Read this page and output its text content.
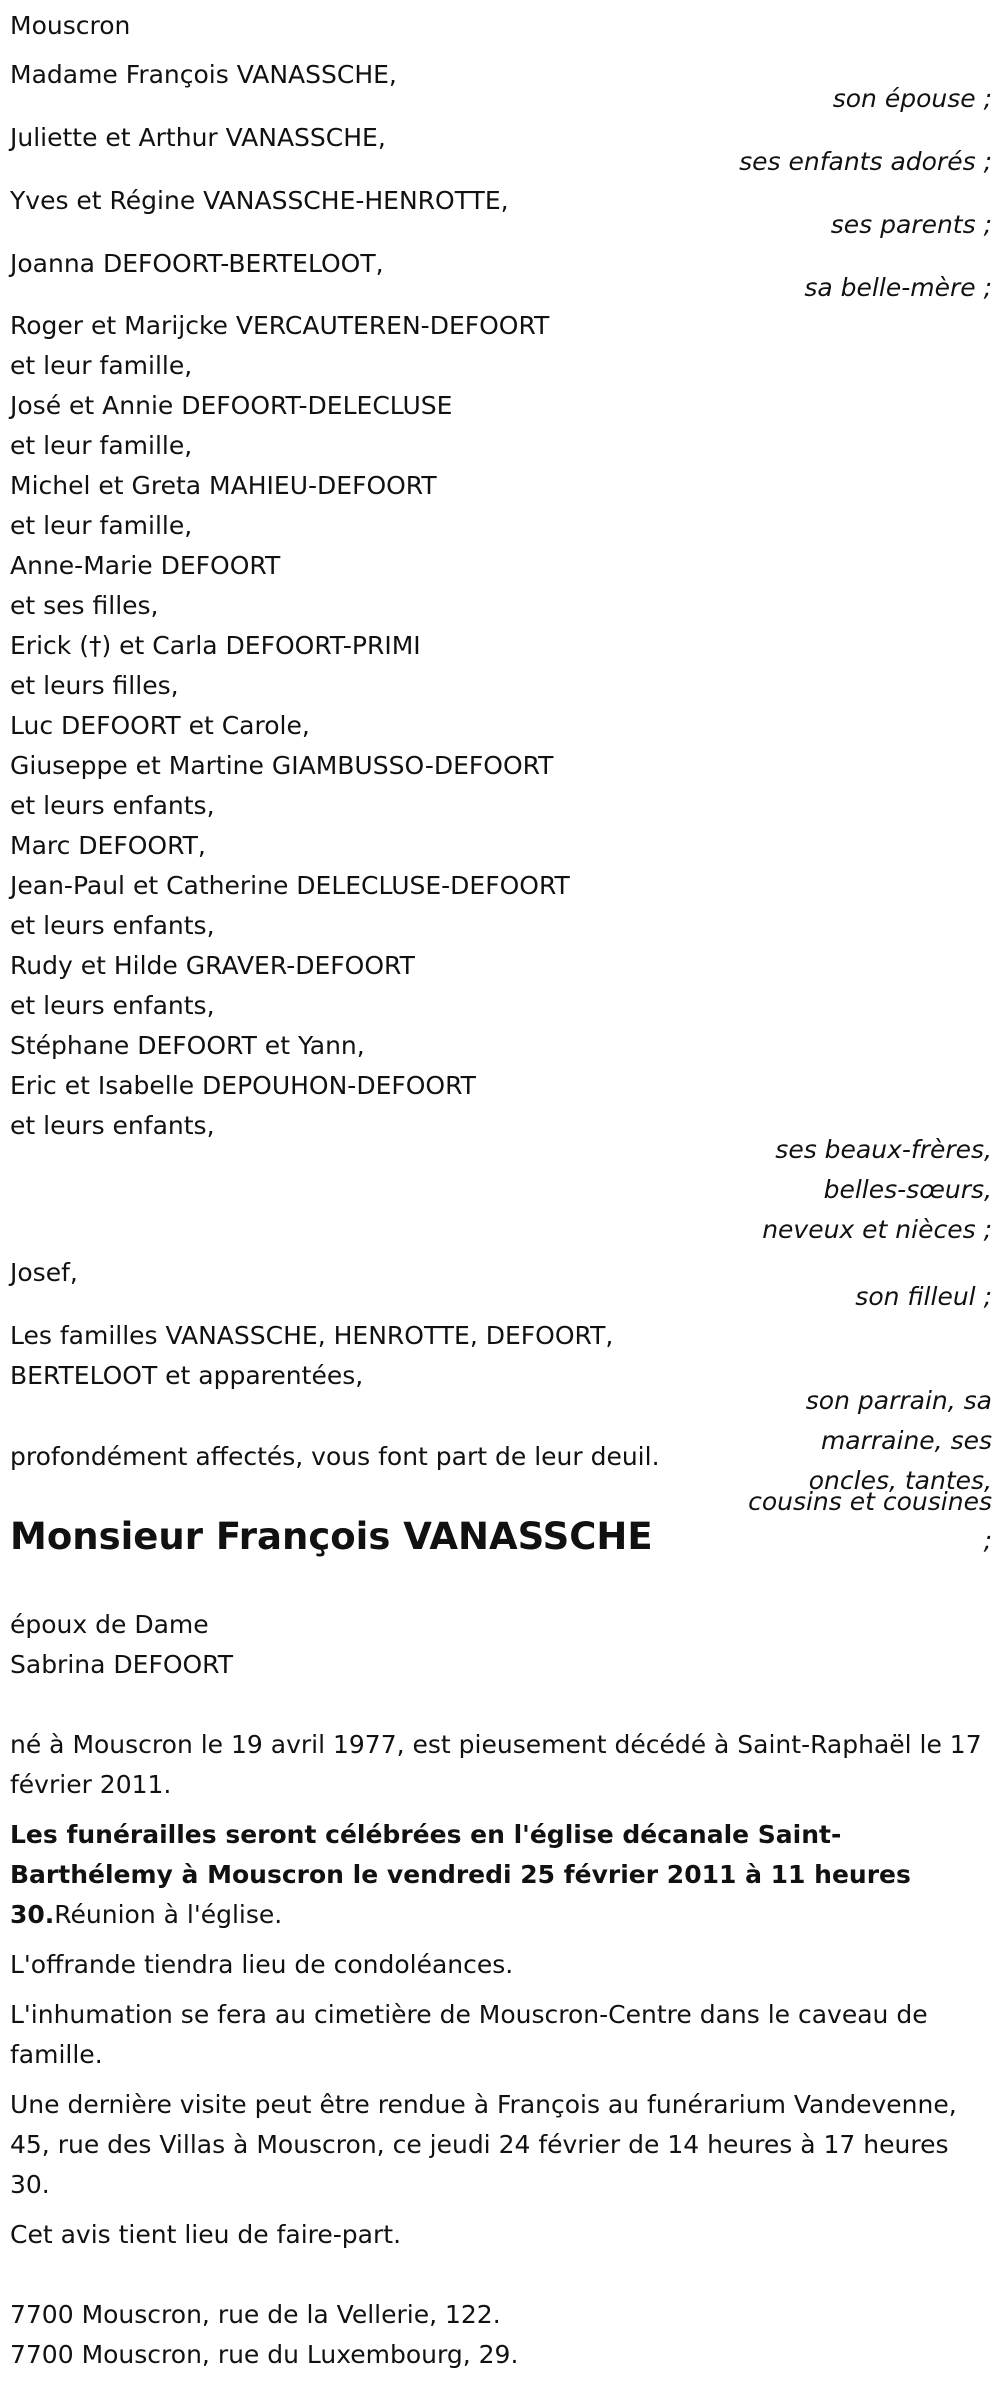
Mouscron
Madame François VANASSCHE,
son épouse ;
Juliette et Arthur VANASSCHE,
ses enfants adorés ;
Yves et Régine VANASSCHE-HENROTTE,
ses parents ;
Joanna DEFOORT-BERTELOOT,
sa belle-mère ;
Roger et Marijcke VERCAUTEREN-DEFOORT
et leur famille,
José et Annie DEFOORT-DELECLUSE
et leur famille,
Michel et Greta MAHIEU-DEFOORT
et leur famille,
Anne-Marie DEFOORT
et ses filles,
Erick (†) et Carla DEFOORT-PRIMI
et leurs filles,
Luc DEFOORT et Carole,
Giuseppe et Martine GIAMBUSSO-DEFOORT
et leurs enfants,
Marc DEFOORT,
Jean-Paul et Catherine DELECLUSE-DEFOORT
et leurs enfants,
Rudy et Hilde GRAVER-DEFOORT
et leurs enfants,
Stéphane DEFOORT et Yann,
Eric et Isabelle DEPOUHON-DEFOORT
et leurs enfants,
ses beaux-frères,
belles-sœurs,
neveux et nièces ;
Josef,
son filleul ;
Les familles VANASSCHE, HENROTTE, DEFOORT,
BERTELOOT et apparentées,
son parrain, sa
marraine, ses
oncles, tantes,
cousins et cousines
;
profondément affectés, vous font part de leur deuil.
Monsieur François VANASSCHE
époux de Dame
Sabrina DEFOORT
né à Mouscron le 19 avril 1977, est pieusement décédé à Saint-Raphaël le 17 février 2011.
Les funérailles seront célébrées en l'église décanale Saint-Barthélemy à Mouscron le vendredi 25 février 2011 à 11 heures 30.Réunion à l'église.
L'offrande tiendra lieu de condoléances.
L'inhumation se fera au cimetière de Mouscron-Centre dans le caveau de famille.
Une dernière visite peut être rendue à François au funérarium Vandevenne, 45, rue des Villas à Mouscron, ce jeudi 24 février de 14 heures à 17 heures 30.
Cet avis tient lieu de faire-part.
7700 Mouscron, rue de la Vellerie, 122.
7700 Mouscron, rue du Luxembourg, 29.
